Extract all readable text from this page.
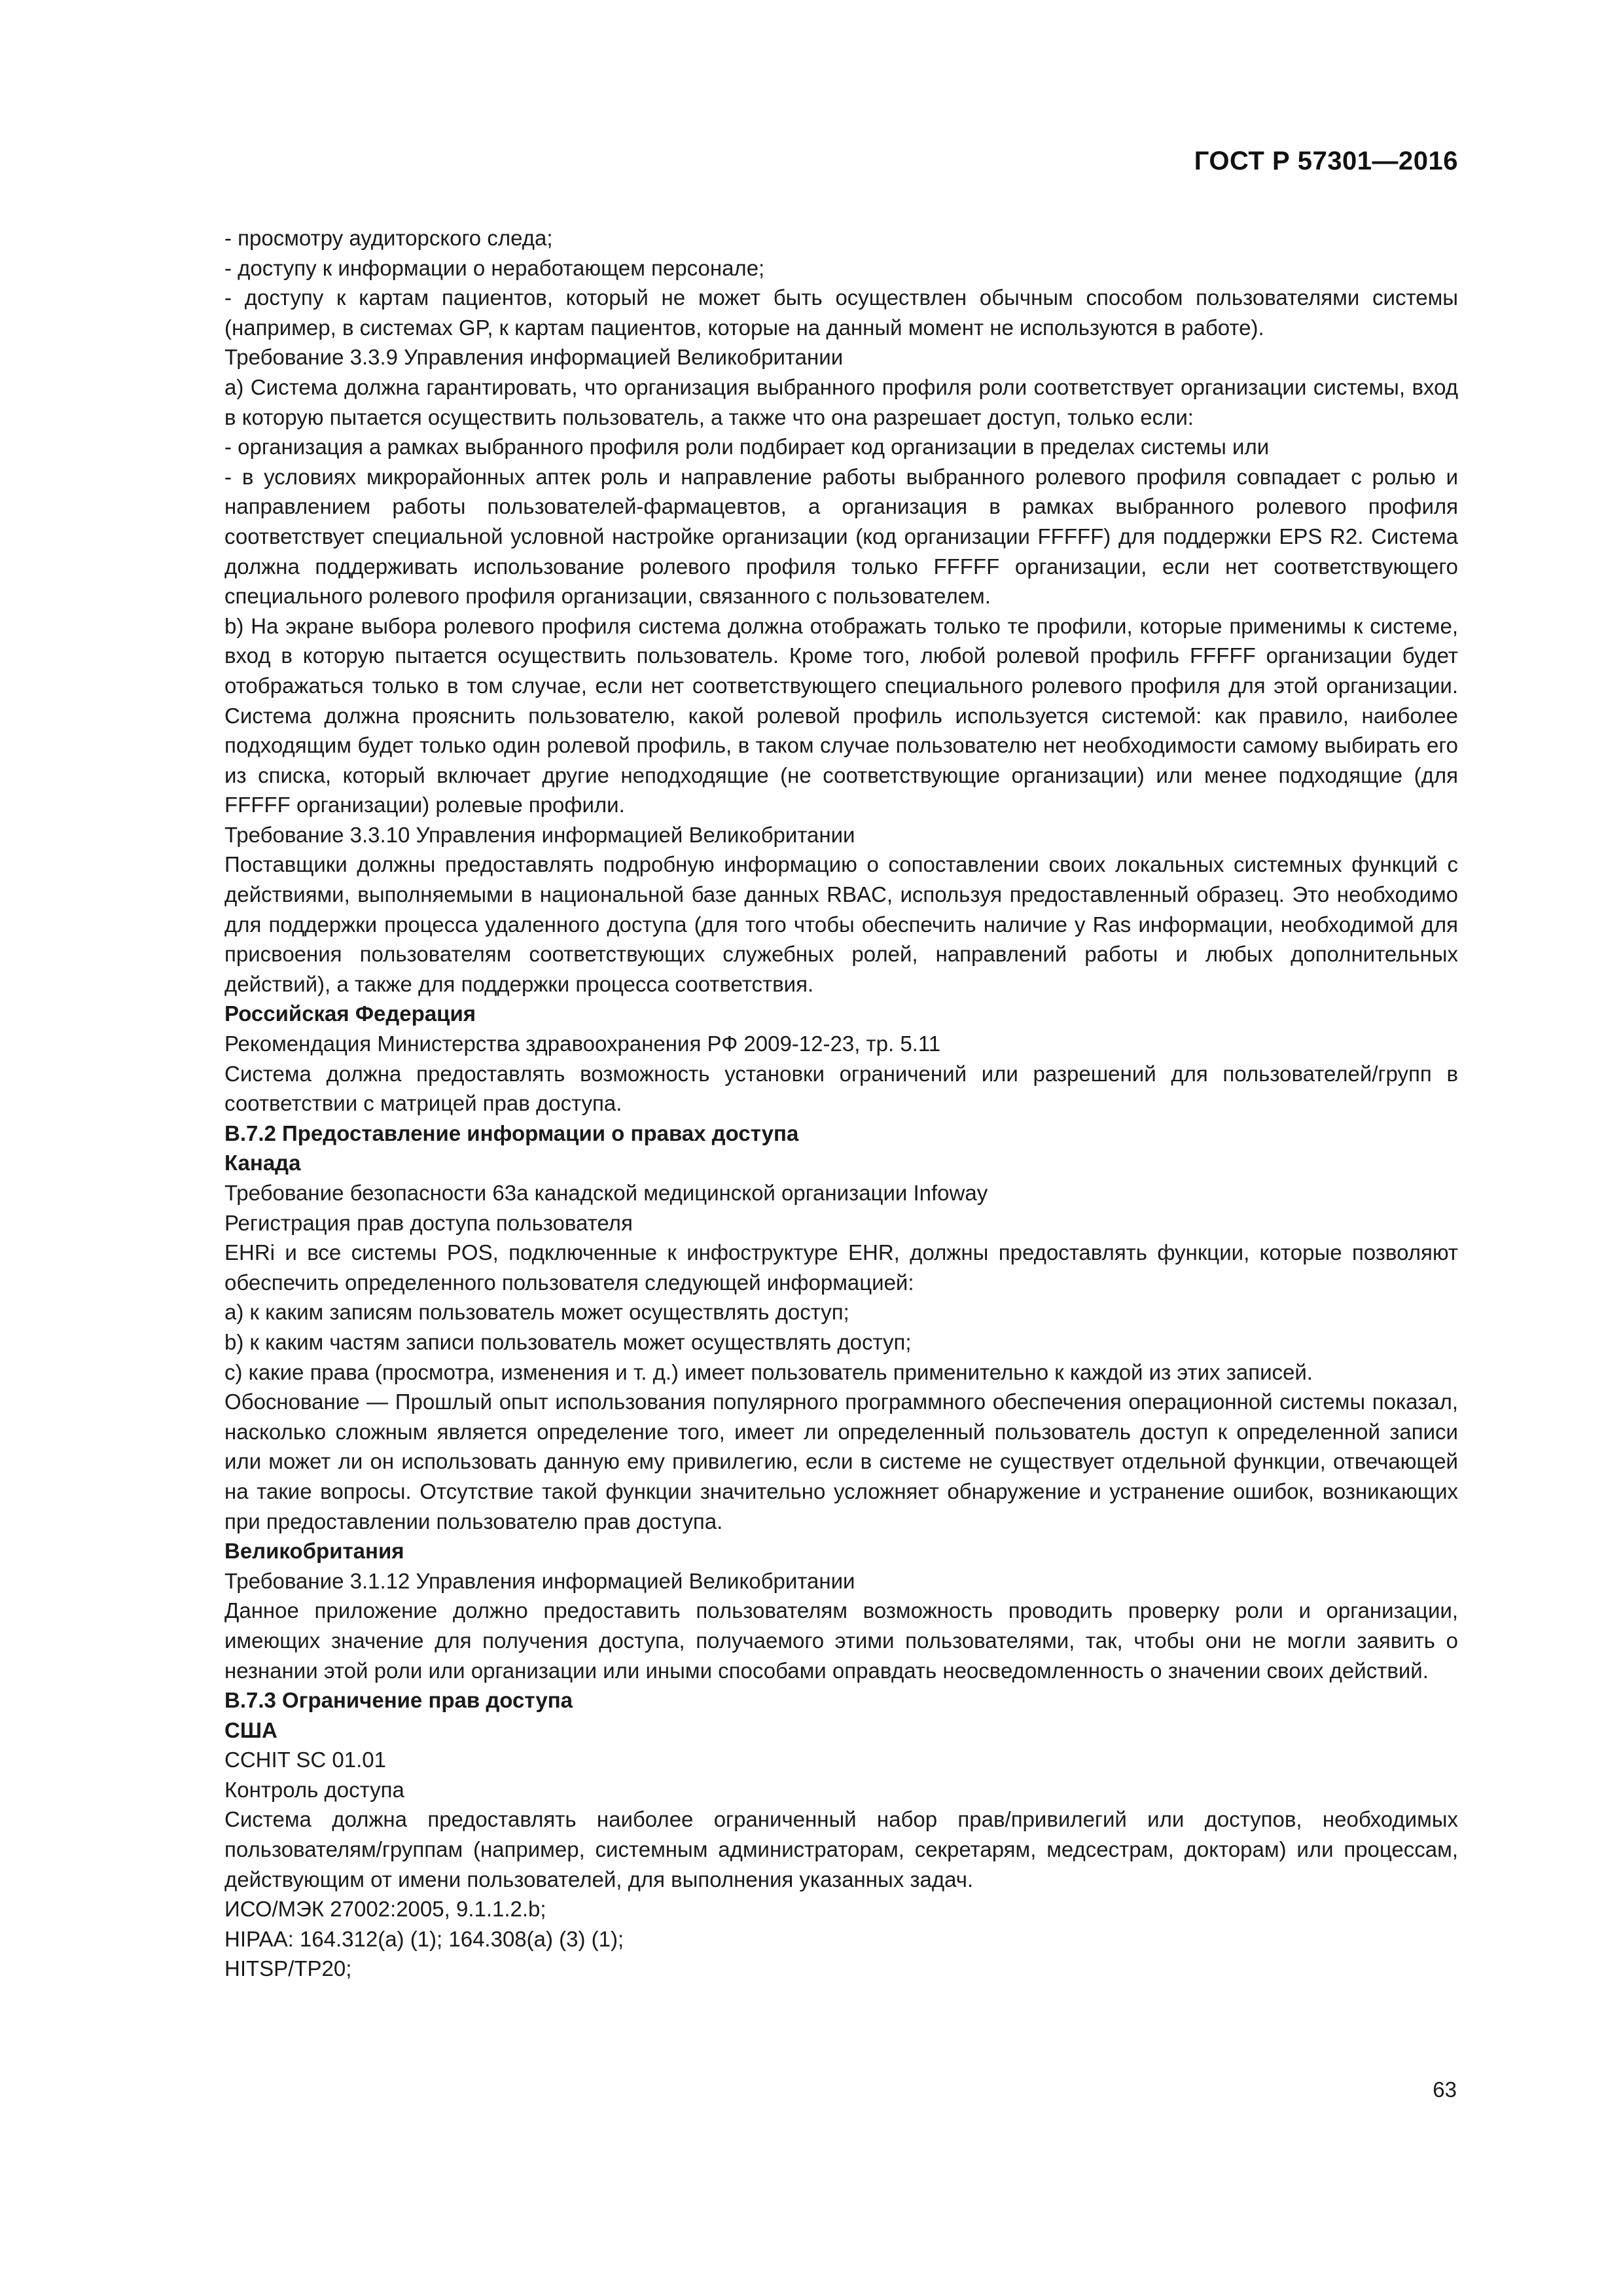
ГОСТ Р 57301—2016

- просмотру аудиторского следа;

- доступу к информации о неработающем персонале;

- доступу к картам пациентов, который не может быть осуществлен обычным способом пользователями системы (например, в системах GP, к картам пациентов, которые на данный момент не используются в работе).

Требование 3.3.9 Управления информацией Великобритании

a) Система должна гарантировать, что организация выбранного профиля роли соответствует организации системы, вход в которую пытается осуществить пользователь, а также что она разрешает доступ, только если:

- организация а рамках выбранного профиля роли подбирает код организации в пределах системы или

- в условиях микрорайонных аптек роль и направление работы выбранного ролевого профиля совпадает с ролью и направлением работы пользователей-фармацевтов, а организация в рамках выбранного ролевого профиля соответствует специальной условной настройке организации (код организации FFFFF) для поддержки EPS R2. Система должна поддерживать использование ролевого профиля только FFFFF организации, если нет соответствующего специального ролевого профиля организации, связанного с пользователем.

b) На экране выбора ролевого профиля система должна отображать только те профили, которые применимы к системе, вход в которую пытается осуществить пользователь. Кроме того, любой ролевой профиль FFFFF организации будет отображаться только в том случае, если нет соответствующего специального ролевого профиля для этой организации. Система должна прояснить пользователю, какой ролевой профиль используется системой: как правило, наиболее подходящим будет только один ролевой профиль, в таком случае пользователю нет необходимости самому выбирать его из списка, который включает другие неподходящие (не соответствующие организации) или менее подходящие (для FFFFF организации) ролевые профили.

Требование 3.3.10 Управления информацией Великобритании

Поставщики должны предоставлять подробную информацию о сопоставлении своих локальных системных функций с действиями, выполняемыми в национальной базе данных RBAC, используя предоставленный образец. Это необходимо для поддержки процесса удаленного доступа (для того чтобы обеспечить наличие у Ras информации, необходимой для присвоения пользователям соответствующих служебных ролей, направлений работы и любых дополнительных действий), а также для поддержки процесса соответствия.

Российская Федерация

Рекомендация Министерства здравоохранения РФ 2009-12-23, тр. 5.11

Система должна предоставлять возможность установки ограничений или разрешений для пользователей/групп в соответствии с матрицей прав доступа.

В.7.2 Предоставление информации о правах доступа

Канада

Требование безопасности 63а канадской медицинской организации Infoway

Регистрация прав доступа пользователя

EHRi и все системы POS, подключенные к инфоструктуре EHR, должны предоставлять функции, которые позволяют обеспечить определенного пользователя следующей информацией:

a) к каким записям пользователь может осуществлять доступ;

b) к каким частям записи пользователь может осуществлять доступ;

c) какие права (просмотра, изменения и т. д.) имеет пользователь применительно к каждой из этих записей.

Обоснование — Прошлый опыт использования популярного программного обеспечения операционной системы показал, насколько сложным является определение того, имеет ли определенный пользователь доступ к определенной записи или может ли он использовать данную ему привилегию, если в системе не существует отдельной функции, отвечающей на такие вопросы. Отсутствие такой функции значительно усложняет обнаружение и устранение ошибок, возникающих при предоставлении пользователю прав доступа.

Великобритания

Требование 3.1.12 Управления информацией Великобритании

Данное приложение должно предоставить пользователям возможность проводить проверку роли и организации, имеющих значение для получения доступа, получаемого этими пользователями, так, чтобы они не могли заявить о незнании этой роли или организации или иными способами оправдать неосведомленность о значении своих действий.

В.7.3 Ограничение прав доступа

США

CCHIT SC 01.01

Контроль доступа

Система должна предоставлять наиболее ограниченный набор прав/привилегий или доступов, необходимых пользователям/группам (например, системным администраторам, секретарям, медсестрам, докторам) или процессам, действующим от имени пользователей, для выполнения указанных задач.

ИСО/МЭК 27002:2005, 9.1.1.2.b;

HIPAA: 164.312(a) (1); 164.308(a) (3) (1);

HITSP/TP20;

63
